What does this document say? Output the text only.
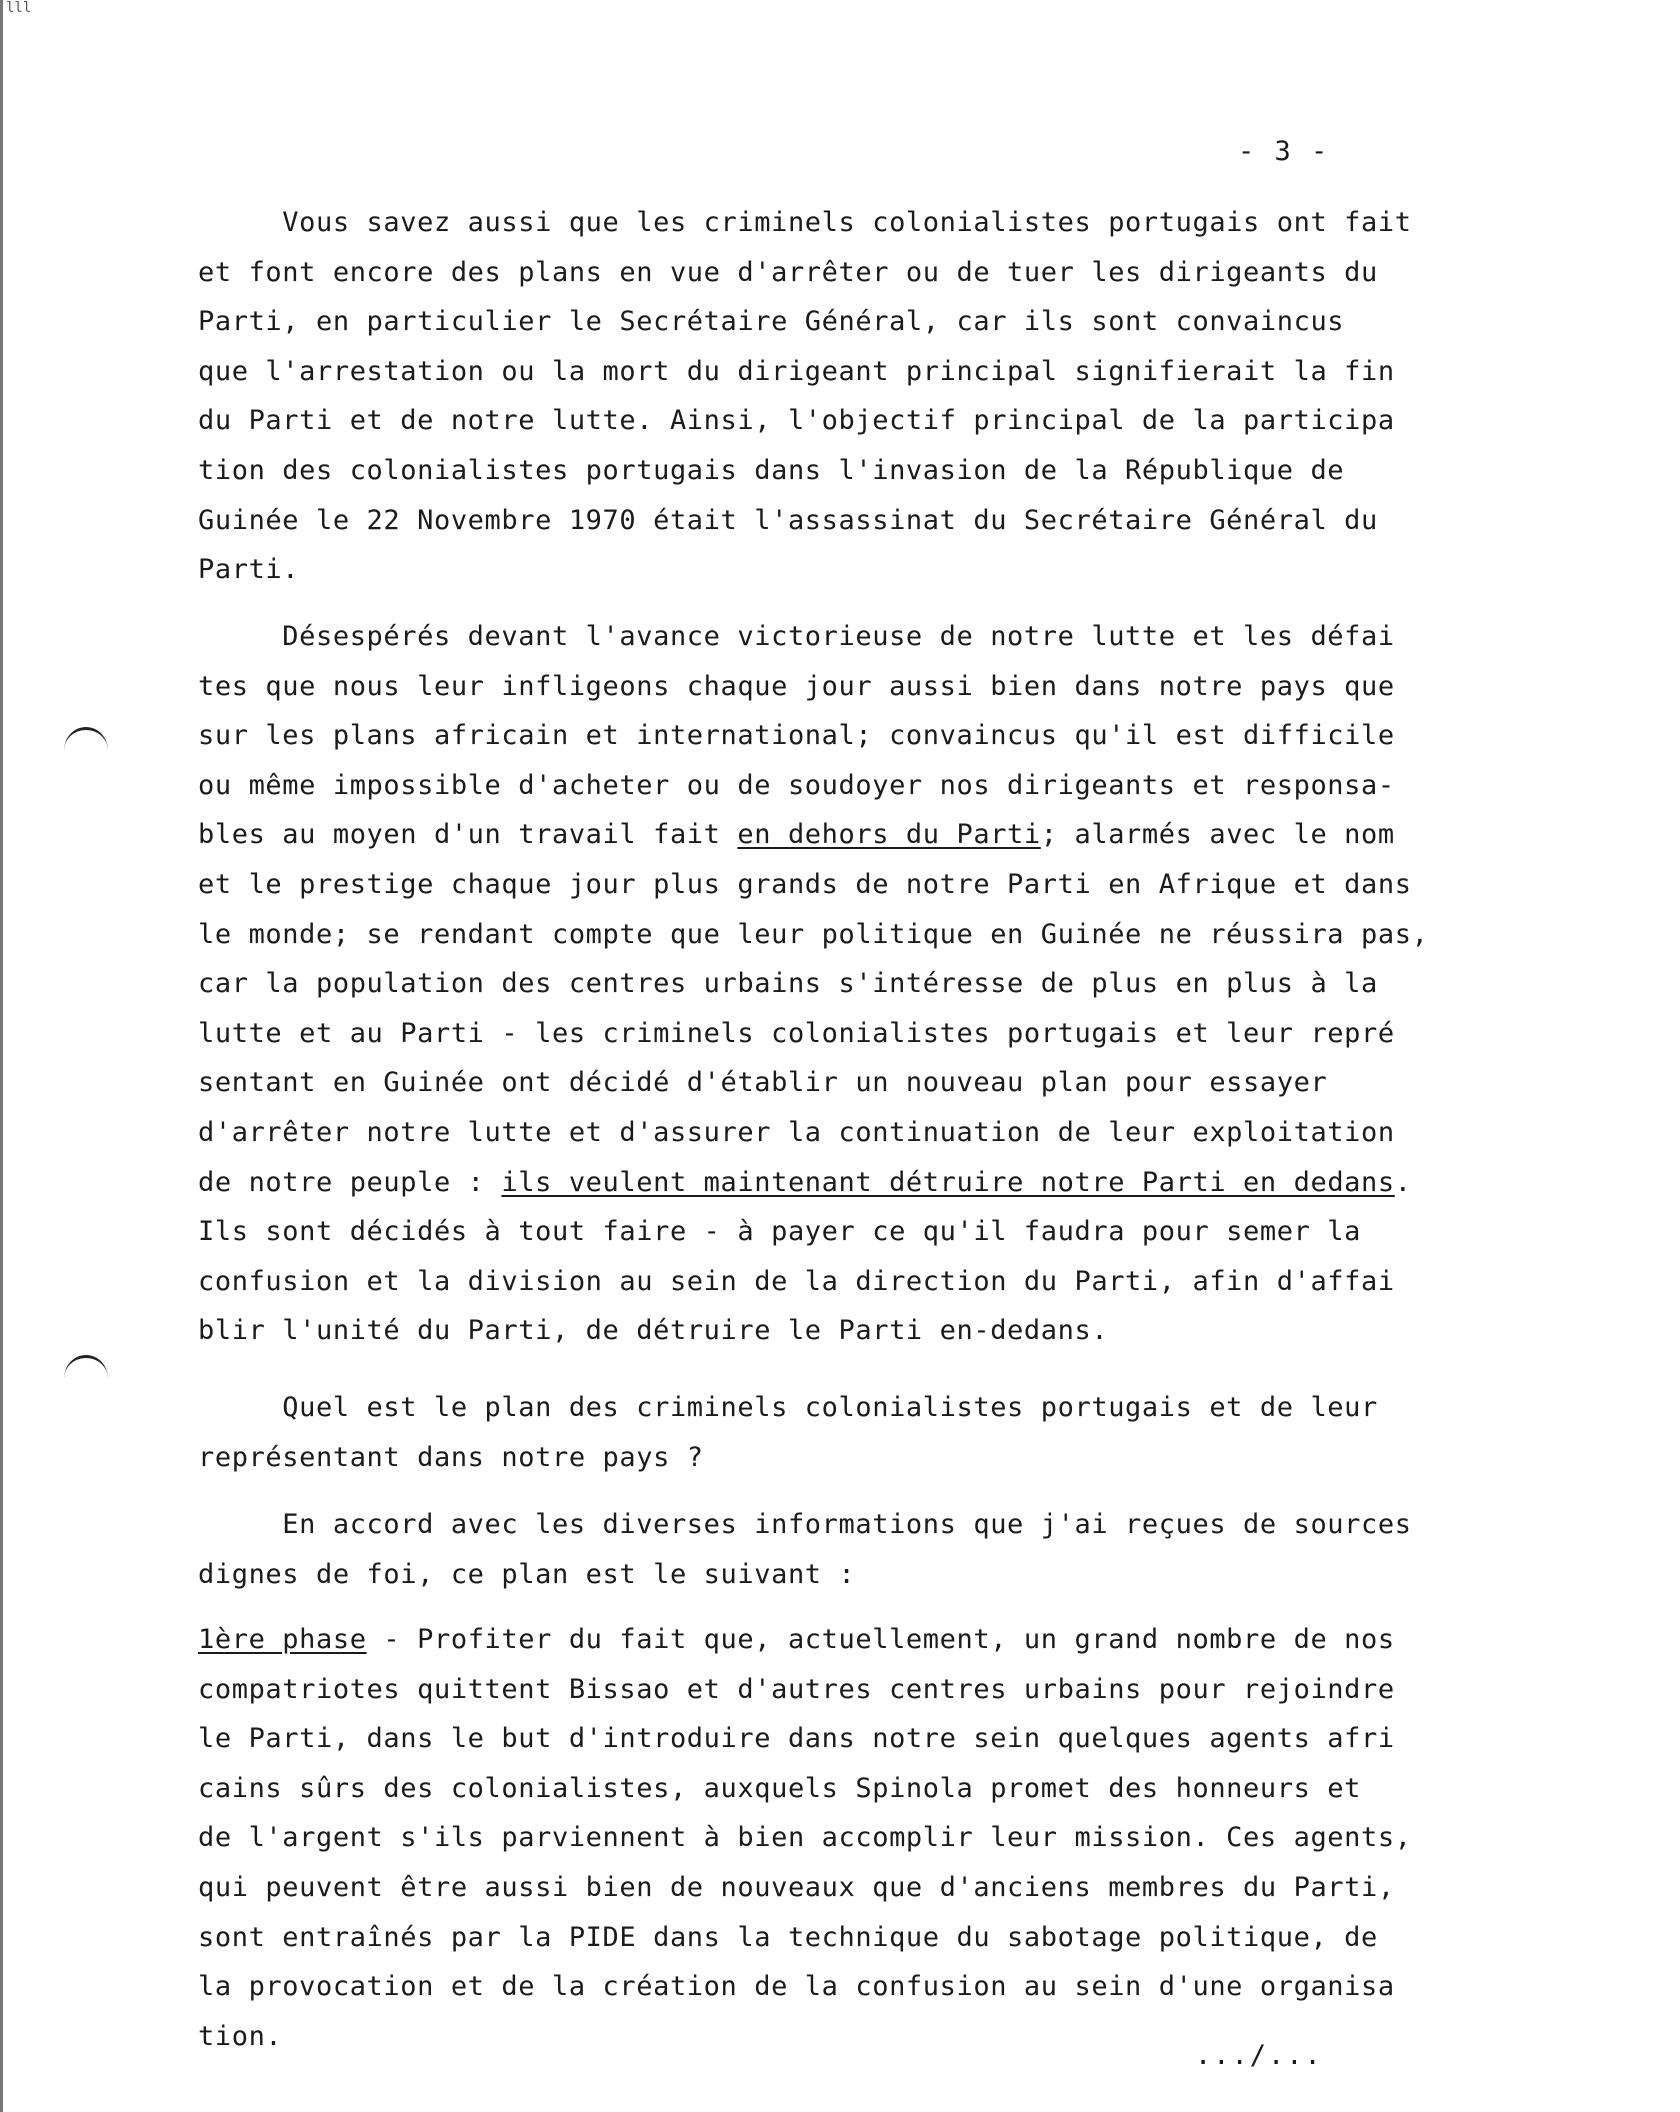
lll
- 3 -

Vous savez aussi que les criminels colonialistes portugais ont fait
et font encore des plans en vue d'arrêter ou de tuer les dirigeants du
Parti, en particulier le Secrétaire Général, car ils sont convaincus
que l'arrestation ou la mort du dirigeant principal signifierait la fin
du Parti et de notre lutte. Ainsi, l'objectif principal de la participa
tion des colonialistes portugais dans l'invasion de la République de
Guinée le 22 Novembre 1970 était l'assassinat du Secrétaire Général du
Parti.

Désespérés devant l'avance victorieuse de notre lutte et les défai
tes que nous leur infligeons chaque jour aussi bien dans notre pays que
sur les plans africain et international; convaincus qu'il est difficile
ou même impossible d'acheter ou de soudoyer nos dirigeants et responsa-
bles au moyen d'un travail fait en dehors du Parti; alarmés avec le nom
et le prestige chaque jour plus grands de notre Parti en Afrique et dans
le monde; se rendant compte que leur politique en Guinée ne réussira pas,
car la population des centres urbains s'intéresse de plus en plus à la
lutte et au Parti - les criminels colonialistes portugais et leur repré
sentant en Guinée ont décidé d'établir un nouveau plan pour essayer
d'arrêter notre lutte et d'assurer la continuation de leur exploitation
de notre peuple : ils veulent maintenant détruire notre Parti en dedans.
Ils sont décidés à tout faire - à payer ce qu'il faudra pour semer la
confusion et la division au sein de la direction du Parti, afin d'affai
blir l'unité du Parti, de détruire le Parti en-dedans.

Quel est le plan des criminels colonialistes portugais et de leur
représentant dans notre pays ?

En accord avec les diverses informations que j'ai reçues de sources
dignes de foi, ce plan est le suivant :

1ère phase - Profiter du fait que, actuellement, un grand nombre de nos
compatriotes quittent Bissao et d'autres centres urbains pour rejoindre
le Parti, dans le but d'introduire dans notre sein quelques agents afri
cains sûrs des colonialistes, auxquels Spinola promet des honneurs et
de l'argent s'ils parviennent à bien accomplir leur mission. Ces agents,
qui peuvent être aussi bien de nouveaux que d'anciens membres du Parti,
sont entraînés par la PIDE dans la technique du sabotage politique, de
la provocation et de la création de la confusion au sein d'une organisa
tion.

.../...
